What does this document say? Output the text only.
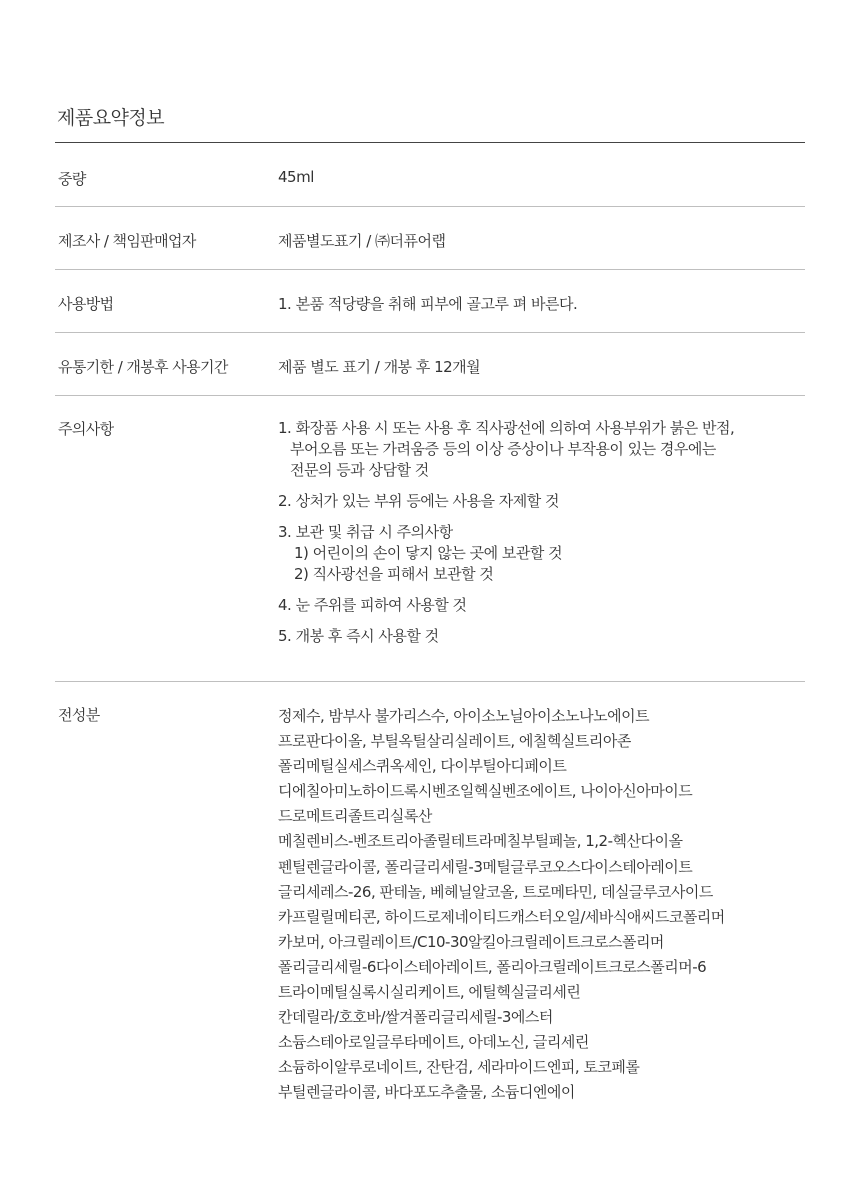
제품요약정보
중량	45ml
제조사 / 책임판매업자	제품별도표기 / ㈜더퓨어랩
사용방법	1. 본품 적당량을 취해 피부에 골고루 펴 바른다.
유통기한 / 개봉후 사용기간	제품 별도 표기 / 개봉 후 12개월
주의사항	1. 화장품 사용 시 또는 사용 후 직사광선에 의하여 사용부위가 붉은 반점,
부어오름 또는 가려움증 등의 이상 증상이나 부작용이 있는 경우에는
전문의 등과 상담할 것
2. 상처가 있는 부위 등에는 사용을 자제할 것
3. 보관 및 취급 시 주의사항
1) 어린이의 손이 닿지 않는 곳에 보관할 것
2) 직사광선을 피해서 보관할 것
4. 눈 주위를 피하여 사용할 것
5. 개봉 후 즉시 사용할 것
전성분	정제수, 밤부사 불가리스수, 아이소노닐아이소노나노에이트
프로판다이올, 부틸옥틸살리실레이트, 에칠헥실트리아존
폴리메틸실세스퀴옥세인, 다이부틸아디페이트
디에칠아미노하이드록시벤조일헥실벤조에이트, 나이아신아마이드
드로메트리졸트리실록산
메칠렌비스-벤조트리아졸릴테트라메칠부틸페놀, 1,2-헥산다이올
펜틸렌글라이콜, 폴리글리세릴-3메틸글루코오스다이스테아레이트
글리세레스-26, 판테놀, 베헤닐알코올, 트로메타민, 데실글루코사이드
카프릴릴메티콘, 하이드로제네이티드캐스터오일/세바식애씨드코폴리머
카보머, 아크릴레이트/C10-30알킬아크릴레이트크로스폴리머
폴리글리세릴-6다이스테아레이트, 폴리아크릴레이트크로스폴리머-6
트라이메틸실록시실리케이트, 에틸헥실글리세린
칸데릴라/호호바/쌀겨폴리글리세릴-3에스터
소듐스테아로일글루타메이트, 아데노신, 글리세린
소듐하이알루로네이트, 잔탄검, 세라마이드엔피, 토코페롤
부틸렌글라이콜, 바다포도추출물, 소듐디엔에이
